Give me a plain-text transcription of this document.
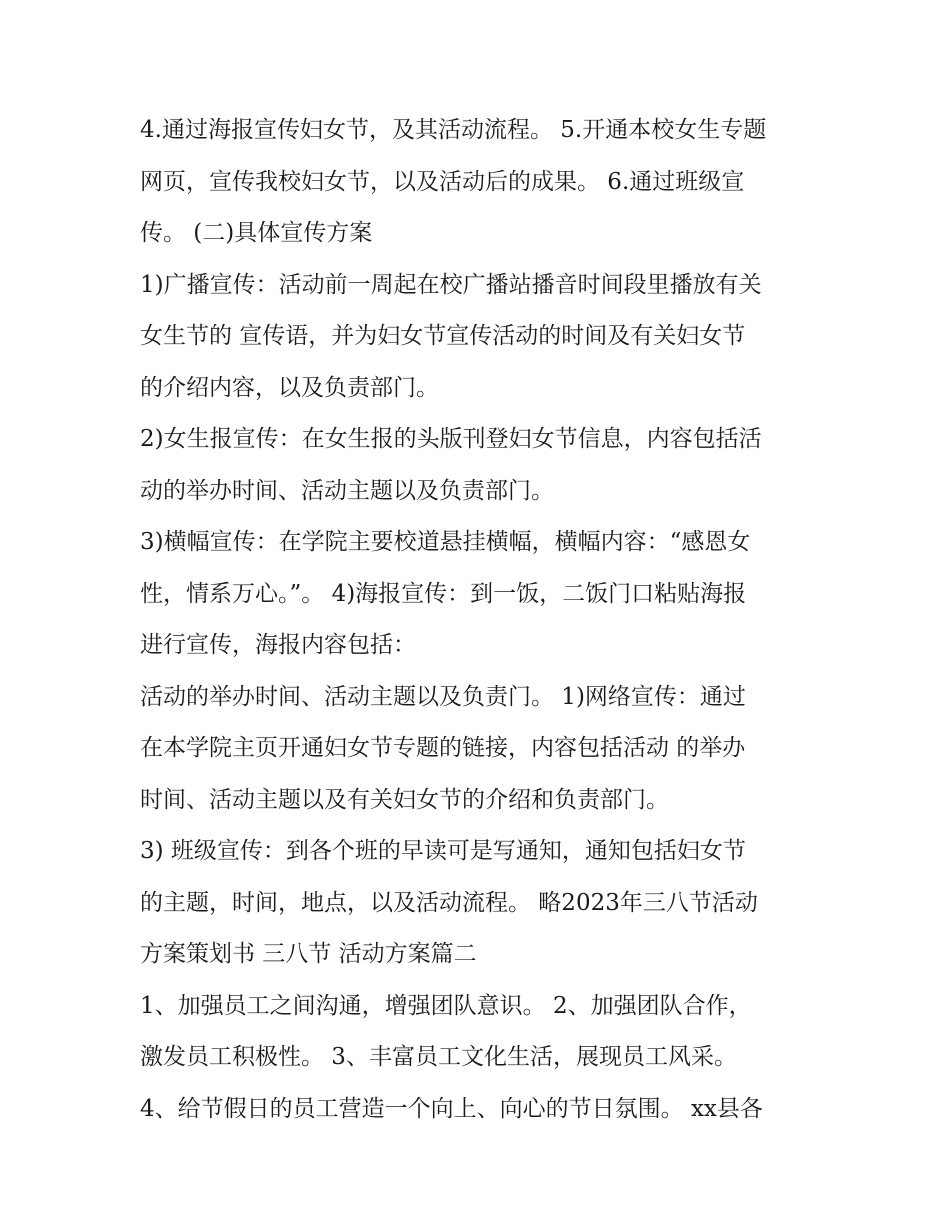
4.通过海报宣传妇女节，及其活动流程。 5.开通本校女生专题
网页，宣传我校妇女节，以及活动后的成果。 6.通过班级宣
传。 (二)具体宣传方案
1)广播宣传：活动前一周起在校广播站播音时间段里播放有关
女生节的 宣传语，并为妇女节宣传活动的时间及有关妇女节
的介绍内容，以及负责部门。
2)女生报宣传：在女生报的头版刊登妇女节信息，内容包括活
动的举办时间、活动主题以及负责部门。
3)横幅宣传：在学院主要校道悬挂横幅，横幅内容：“感恩女
性，情系万心。”。 4)海报宣传：到一饭，二饭门口粘贴海报
进行宣传，海报内容包括：
活动的举办时间、活动主题以及负责门。 1)网络宣传：通过
在本学院主页开通妇女节专题的链接，内容包括活动 的举办
时间、活动主题以及有关妇女节的介绍和负责部门。
3) 班级宣传：到各个班的早读可是写通知，通知包括妇女节
的主题，时间，地点，以及活动流程。 略2023年三八节活动
方案策划书 三八节 活动方案篇二
1、加强员工之间沟通，增强团队意识。 2、加强团队合作，
激发员工积极性。 3、丰富员工文化生活，展现员工风采。
4、给节假日的员工营造一个向上、向心的节日氛围。 xx县各
